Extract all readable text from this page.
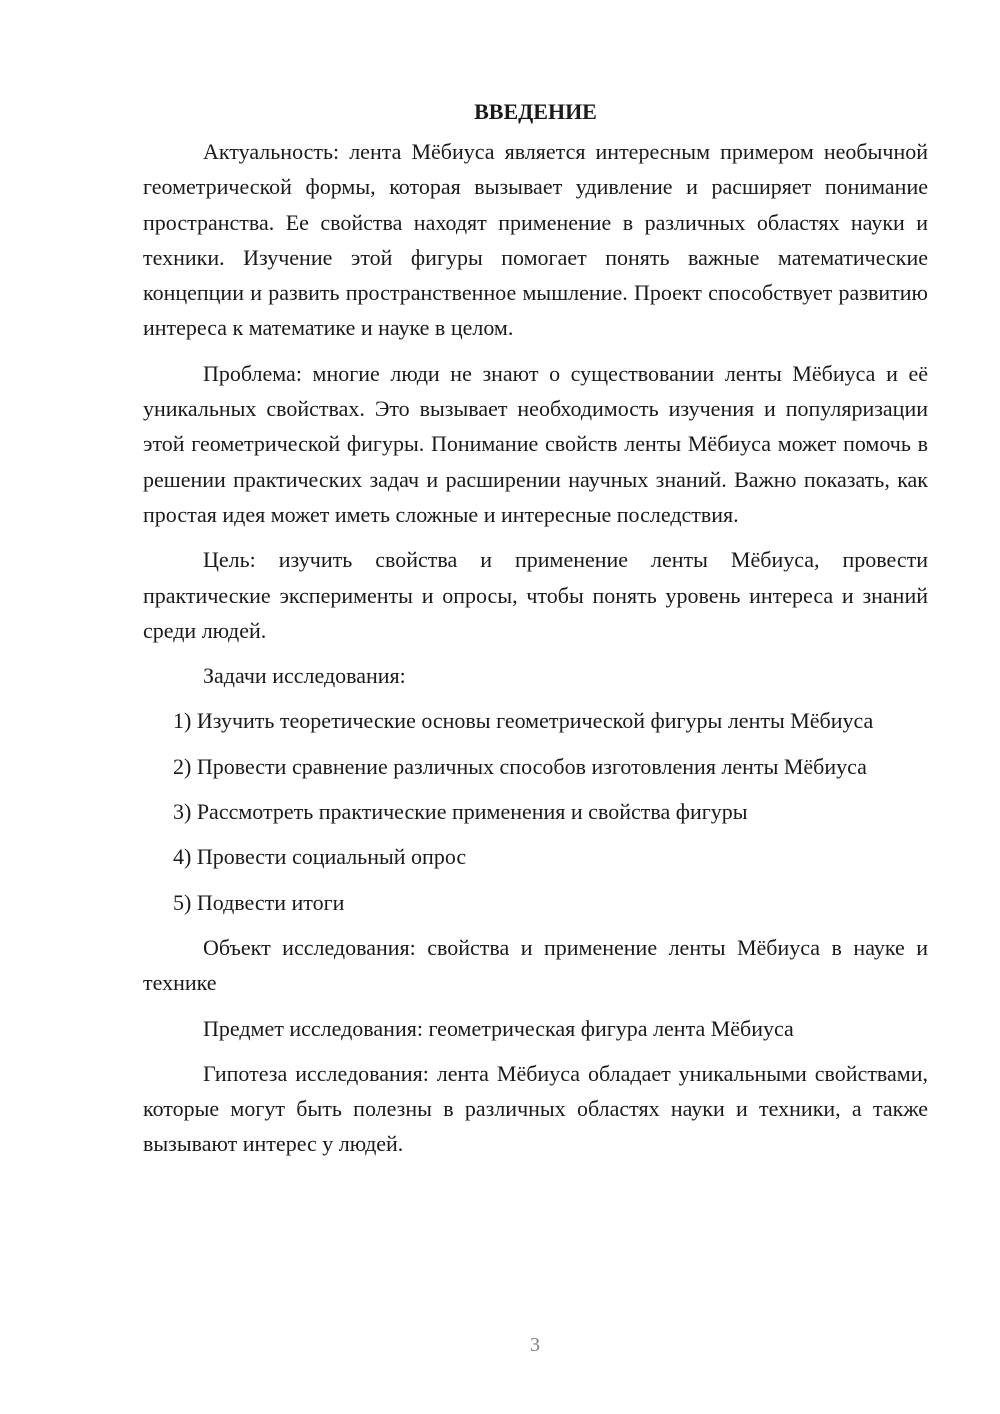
ВВЕДЕНИЕ

Актуальность: лента Мёбиуса является интересным примером необычной геометрической формы, которая вызывает удивление и расширяет понимание пространства. Ее свойства находят применение в различных областях науки и техники. Изучение этой фигуры помогает понять важные математические концепции и развить пространственное мышление. Проект способствует развитию интереса к математике и науке в целом.

Проблема: многие люди не знают о существовании ленты Мёбиуса и её уникальных свойствах. Это вызывает необходимость изучения и популяризации этой геометрической фигуры. Понимание свойств ленты Мёбиуса может помочь в решении практических задач и расширении научных знаний. Важно показать, как простая идея может иметь сложные и интересные последствия.

Цель: изучить свойства и применение ленты Мёбиуса, провести практические эксперименты и опросы, чтобы понять уровень интереса и знаний среди людей.

Задачи исследования:

1) Изучить теоретические основы геометрической фигуры ленты Мёбиуса

2) Провести сравнение различных способов изготовления ленты Мёбиуса

3) Рассмотреть практические применения и свойства фигуры

4) Провести социальный опрос

5) Подвести итоги

Объект исследования: свойства и применение ленты Мёбиуса в науке и технике

Предмет исследования: геометрическая фигура лента Мёбиуса

Гипотеза исследования: лента Мёбиуса обладает уникальными свойствами, которые могут быть полезны в различных областях науки и техники, а также вызывают интерес у людей.

3
